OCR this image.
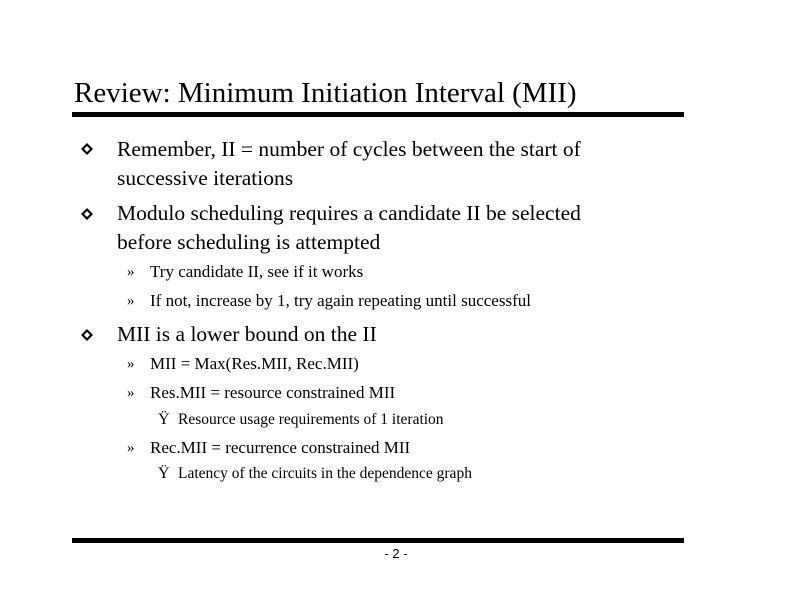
Review: Minimum Initiation Interval (MII)
Remember, II = number of cycles between the start of
successive iterations
Modulo scheduling requires a candidate II be selected
before scheduling is attempted
» Try candidate II, see if it works
» If not, increase by 1, try again repeating until successful
MII is a lower bound on the II
» MII = Max(Res.MII, Rec.MII)
» Res.MII = resource constrained MII
Ÿ Resource usage requirements of 1 iteration
» Rec.MII = recurrence constrained MII
Ÿ Latency of the circuits in the dependence graph
- 2 -
